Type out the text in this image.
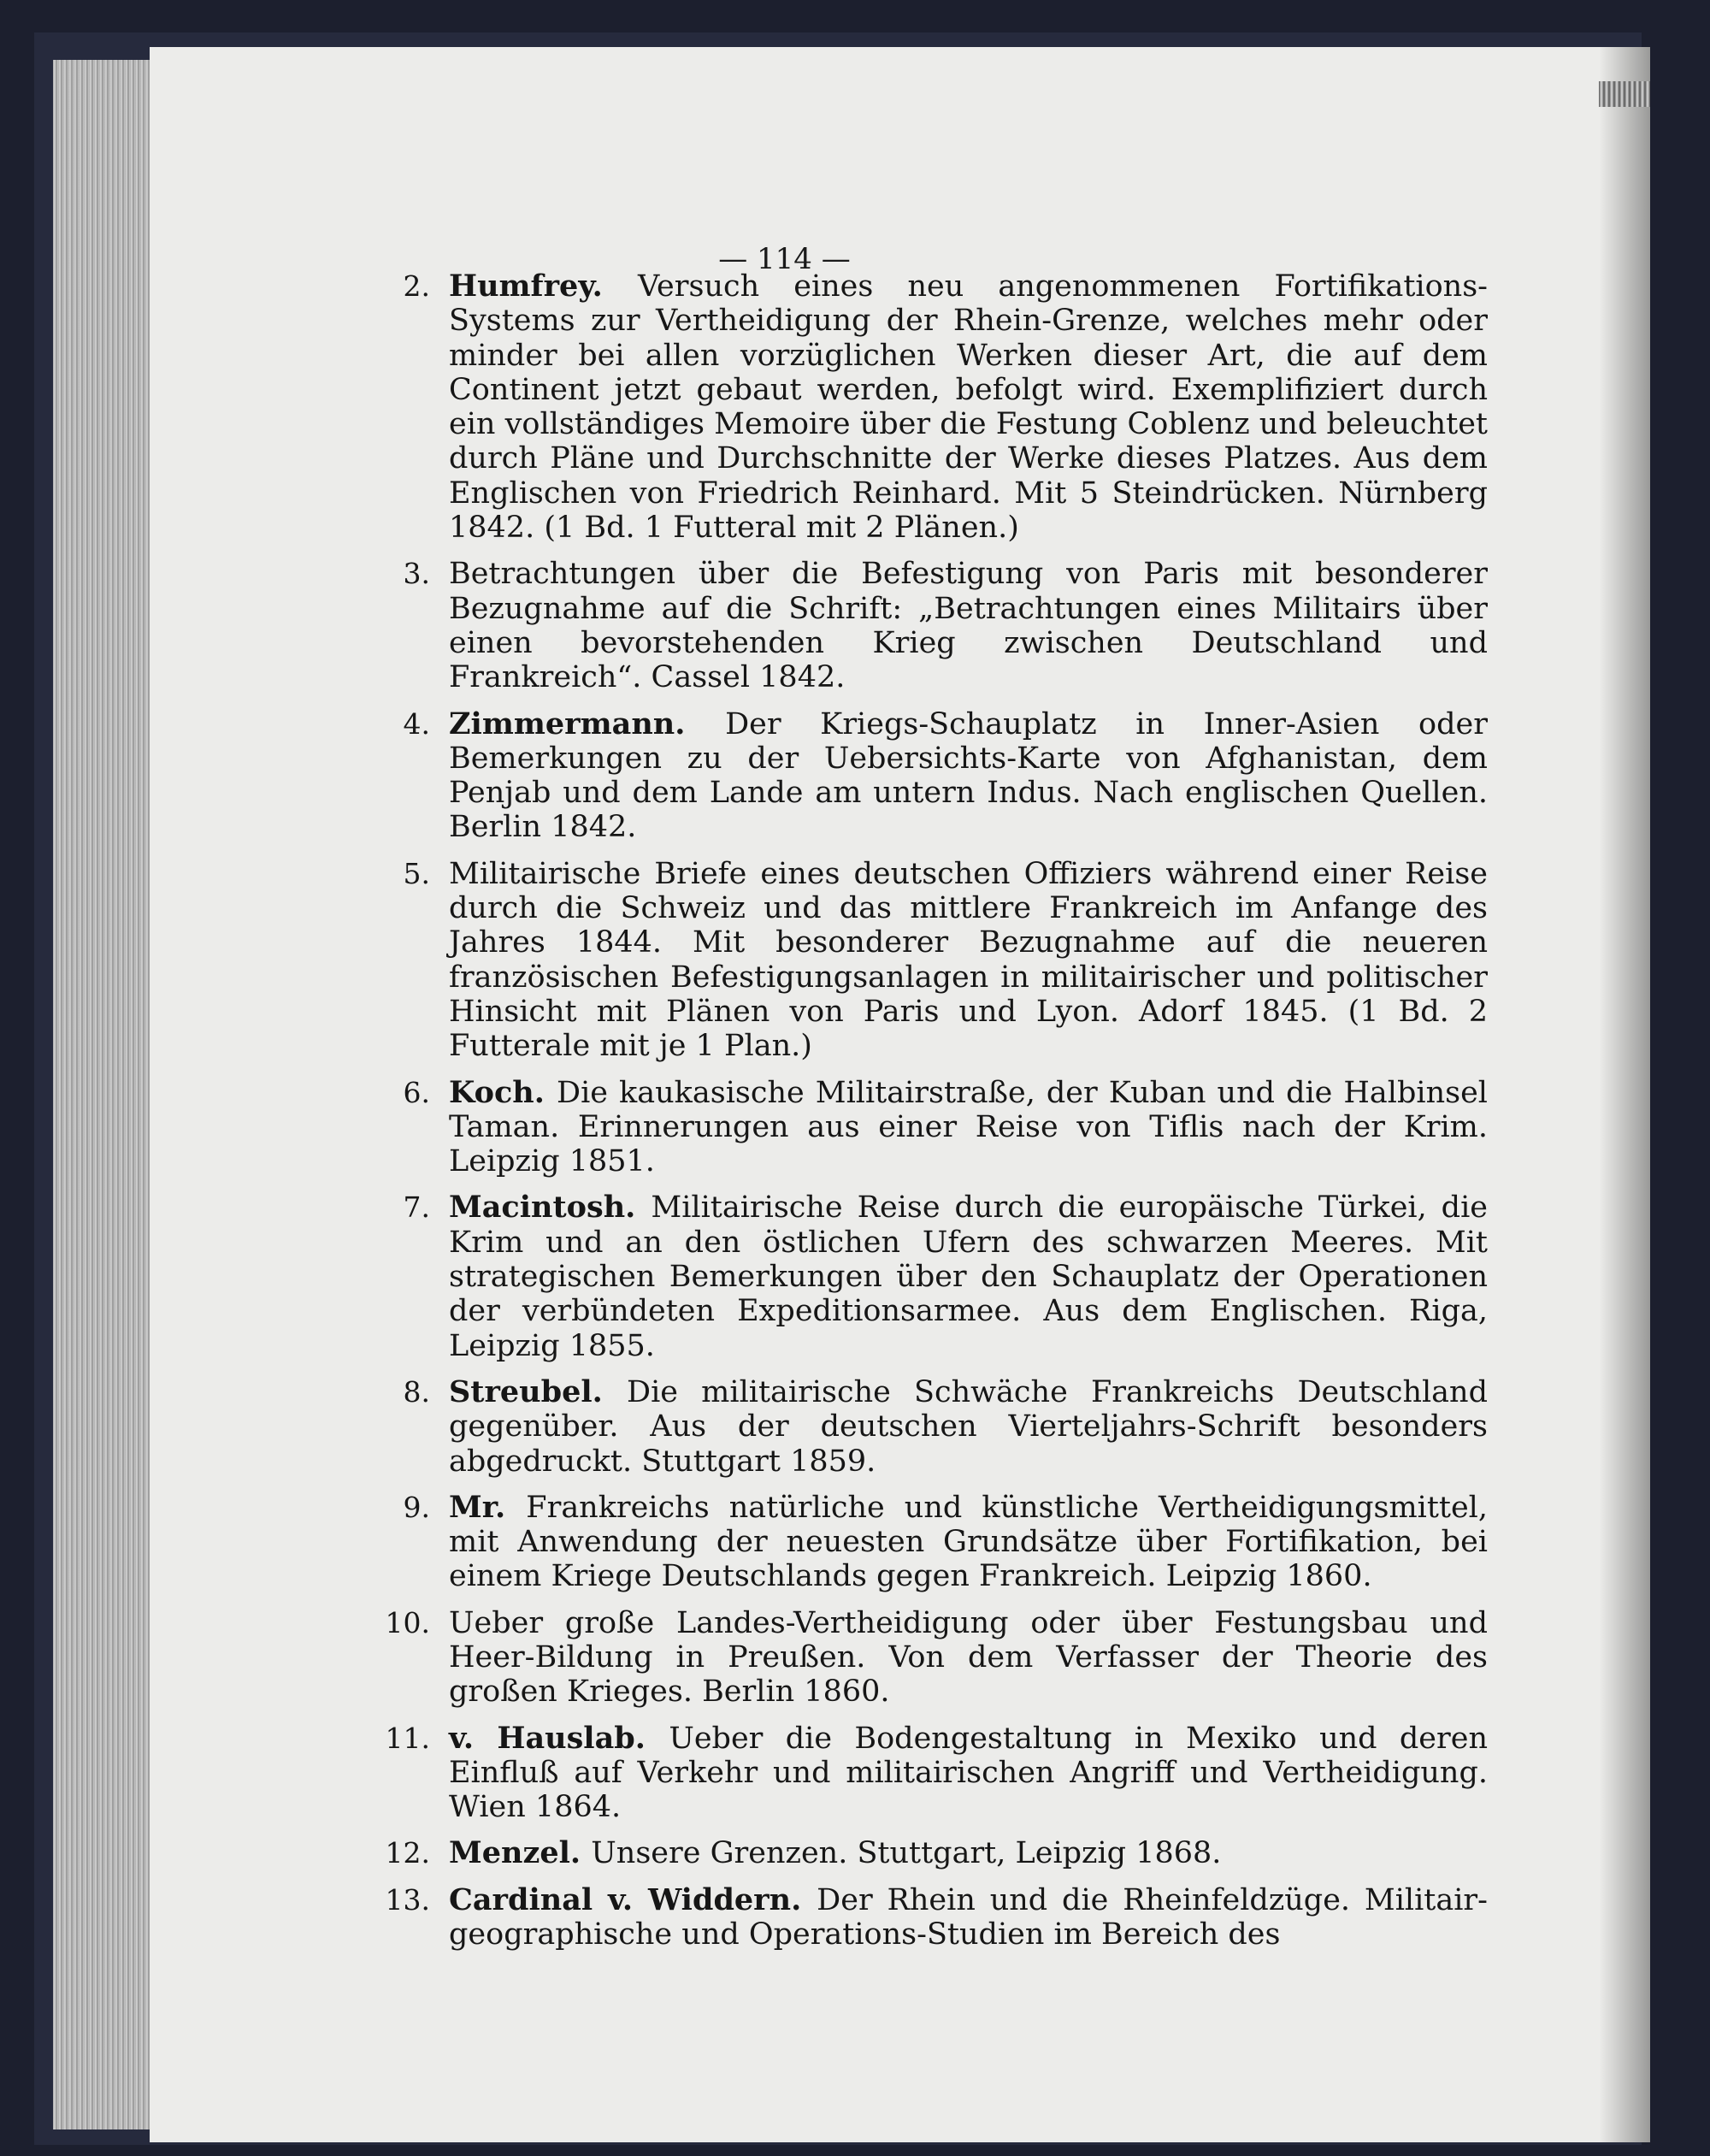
— 114 —
2. Humfrey. Versuch eines neu angenommenen Fortifikations-Systems zur Vertheidigung der Rhein-Grenze, welches mehr oder minder bei allen vorzüglichen Werken dieser Art, die auf dem Continent jetzt gebaut werden, befolgt wird. Exemplifiziert durch ein vollständiges Memoire über die Festung Coblenz und beleuchtet durch Pläne und Durchschnitte der Werke dieses Platzes. Aus dem Englischen von Friedrich Reinhard. Mit 5 Steindrücken. Nürnberg 1842. (1 Bd. 1 Futteral mit 2 Plänen.)
3. Betrachtungen über die Befestigung von Paris mit besonderer Bezugnahme auf die Schrift: „Betrachtungen eines Militairs über einen bevorstehenden Krieg zwischen Deutschland und Frankreich“. Cassel 1842.
4. Zimmermann. Der Kriegs-Schauplatz in Inner-Asien oder Bemerkungen zu der Uebersichts-Karte von Afghanistan, dem Penjab und dem Lande am untern Indus. Nach englischen Quellen. Berlin 1842.
5. Militairische Briefe eines deutschen Offiziers während einer Reise durch die Schweiz und das mittlere Frankreich im Anfange des Jahres 1844. Mit besonderer Bezugnahme auf die neueren französischen Befestigungsanlagen in militairischer und politischer Hinsicht mit Plänen von Paris und Lyon. Adorf 1845. (1 Bd. 2 Futterale mit je 1 Plan.)
6. Koch. Die kaukasische Militairstraße, der Kuban und die Halbinsel Taman. Erinnerungen aus einer Reise von Tiflis nach der Krim. Leipzig 1851.
7. Macintosh. Militairische Reise durch die europäische Türkei, die Krim und an den östlichen Ufern des schwarzen Meeres. Mit strategischen Bemerkungen über den Schauplatz der Operationen der verbündeten Expeditionsarmee. Aus dem Englischen. Riga, Leipzig 1855.
8. Streubel. Die militairische Schwäche Frankreichs Deutschland gegenüber. Aus der deutschen Vierteljahrs-Schrift besonders abgedruckt. Stuttgart 1859.
9. Mr. Frankreichs natürliche und künstliche Vertheidigungsmittel, mit Anwendung der neuesten Grundsätze über Fortifikation, bei einem Kriege Deutschlands gegen Frankreich. Leipzig 1860.
10. Ueber große Landes-Vertheidigung oder über Festungsbau und Heer-Bildung in Preußen. Von dem Verfasser der Theorie des großen Krieges. Berlin 1860.
11. v. Hauslab. Ueber die Bodengestaltung in Mexiko und deren Einfluß auf Verkehr und militairischen Angriff und Vertheidigung. Wien 1864.
12. Menzel. Unsere Grenzen. Stuttgart, Leipzig 1868.
13. Cardinal v. Widdern. Der Rhein und die Rheinfeldzüge. Militair-geographische und Operations-Studien im Bereich des
